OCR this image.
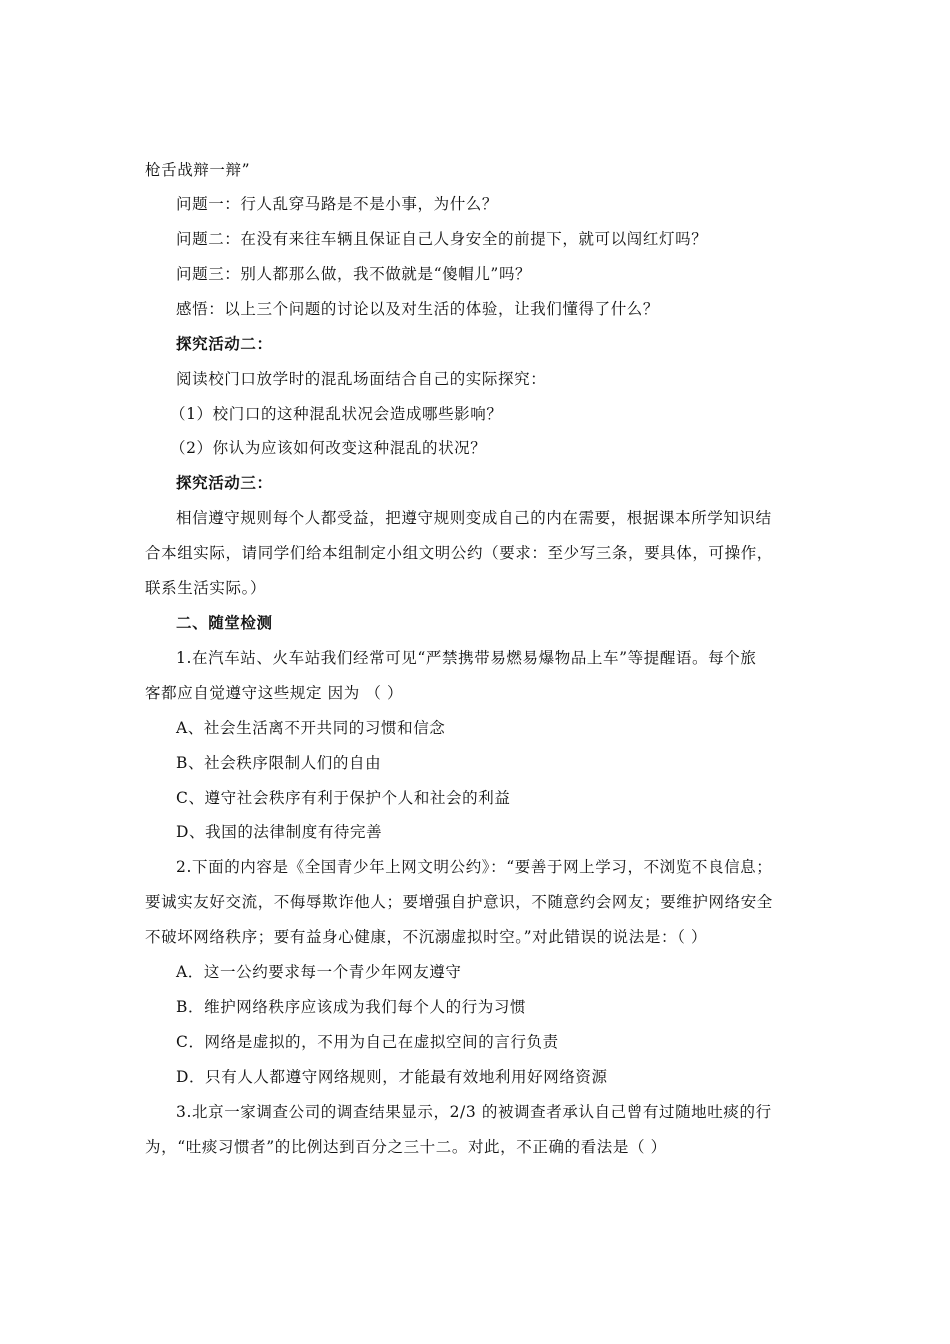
枪舌战辩一辩”
问题一：行人乱穿马路是不是小事，为什么？
问题二：在没有来往车辆且保证自己人身安全的前提下，就可以闯红灯吗？
问题三：别人都那么做，我不做就是“傻帽儿”吗？
感悟：以上三个问题的讨论以及对生活的体验，让我们懂得了什么？
探究活动二：
阅读校门口放学时的混乱场面结合自己的实际探究：
（1）校门口的这种混乱状况会造成哪些影响？
（2）你认为应该如何改变这种混乱的状况？
探究活动三：
相信遵守规则每个人都受益，把遵守规则变成自己的内在需要，根据课本所学知识结
合本组实际，请同学们给本组制定小组文明公约（要求：至少写三条，要具体，可操作，
联系生活实际。）
二、随堂检测
1.在汽车站、火车站我们经常可见“严禁携带易燃易爆物品上车”等提醒语。每个旅
客都应自觉遵守这些规定 因为 （ ）
A、社会生活离不开共同的习惯和信念
B、社会秩序限制人们的自由
C、遵守社会秩序有利于保护个人和社会的利益
D、我国的法律制度有待完善
2.下面的内容是《全国青少年上网文明公约》：“要善于网上学习，不浏览不良信息；
要诚实友好交流，不侮辱欺诈他人；要增强自护意识，不随意约会网友；要维护网络安全
不破坏网络秩序；要有益身心健康，不沉溺虚拟时空。”对此错误的说法是：（ ）
A．这一公约要求每一个青少年网友遵守
B．维护网络秩序应该成为我们每个人的行为习惯
C．网络是虚拟的，不用为自己在虚拟空间的言行负责
D．只有人人都遵守网络规则，才能最有效地利用好网络资源
3.北京一家调查公司的调查结果显示，2/3 的被调查者承认自己曾有过随地吐痰的行
为，“吐痰习惯者”的比例达到百分之三十二。对此，不正确的看法是（ ）
